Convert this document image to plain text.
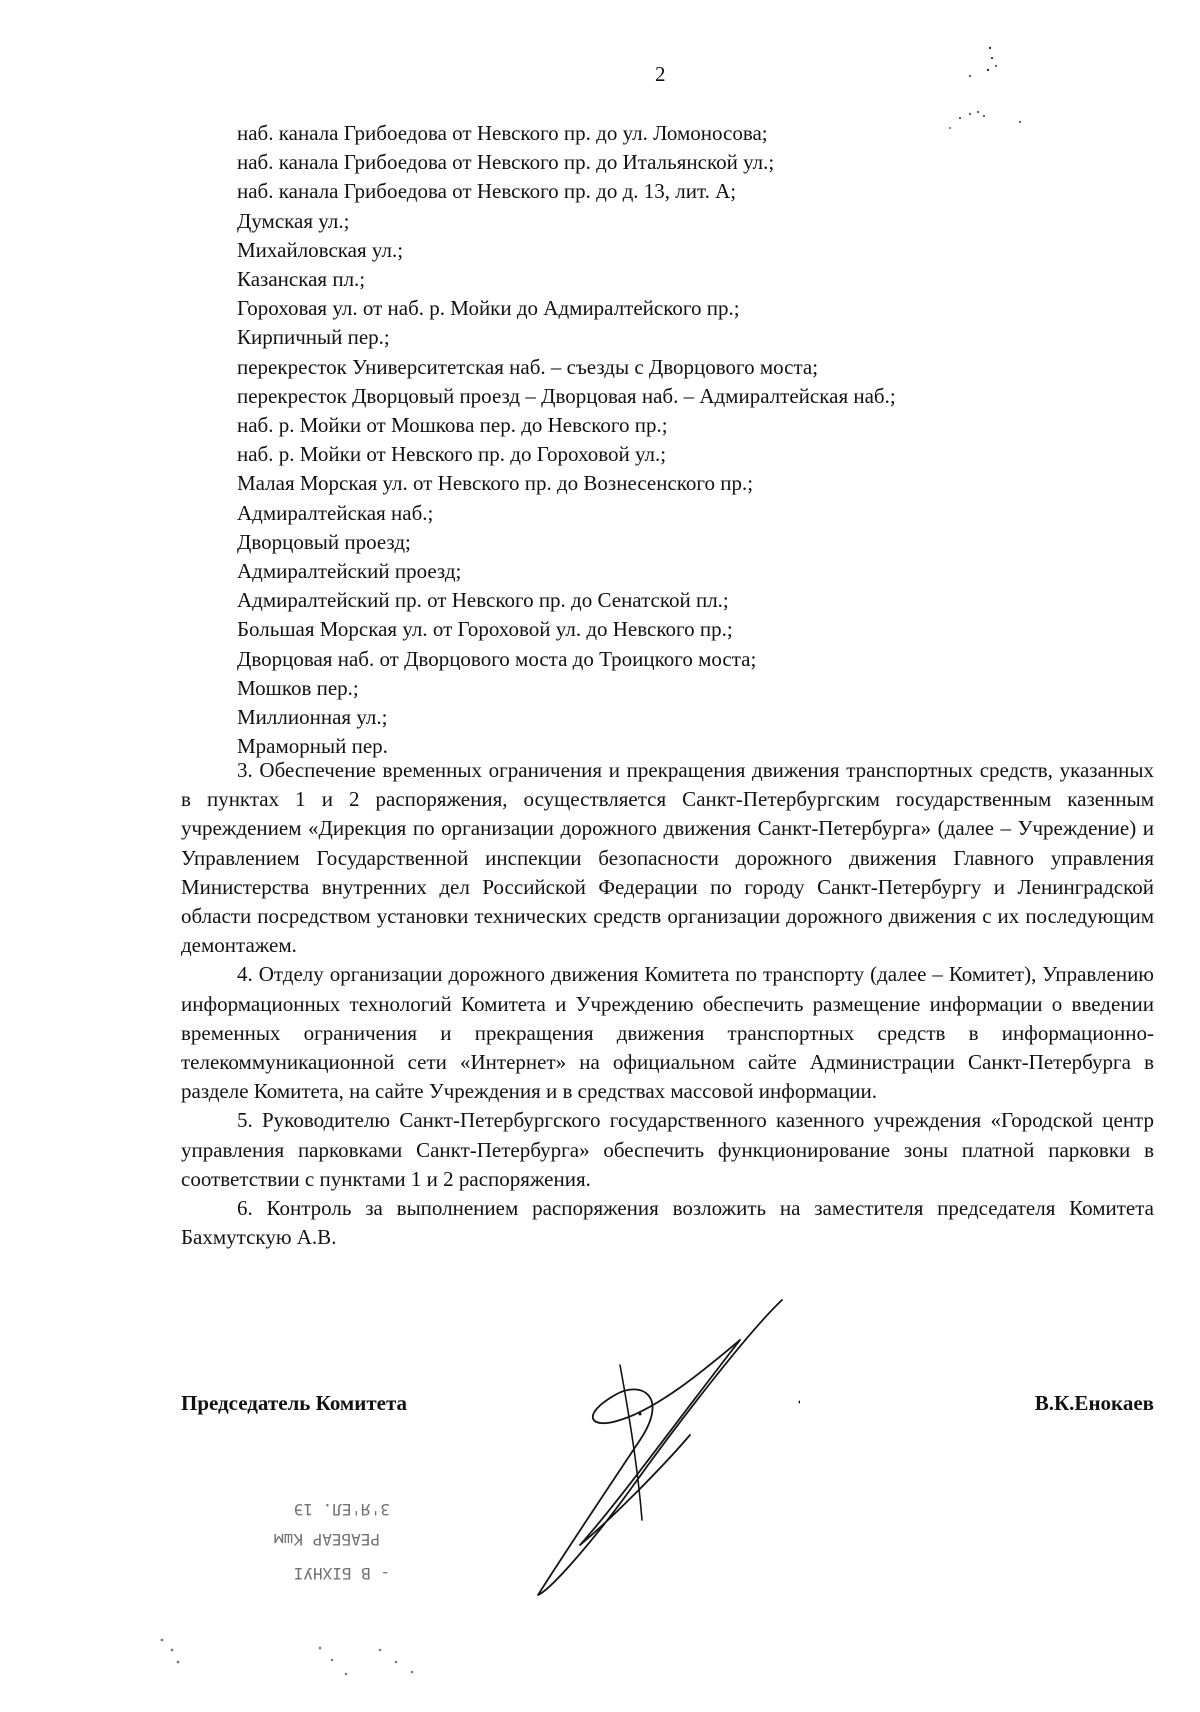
2
наб. канала Грибоедова от Невского пр. до ул. Ломоносова;
наб. канала Грибоедова от Невского пр. до Итальянской ул.;
наб. канала Грибоедова от Невского пр. до д. 13, лит. А;
Думская ул.;
Михайловская ул.;
Казанская пл.;
Гороховая ул. от наб. р. Мойки до Адмиралтейского пр.;
Кирпичный пер.;
перекресток Университетская наб. – съезды с Дворцового моста;
перекресток Дворцовый проезд – Дворцовая наб. – Адмиралтейская наб.;
наб. р. Мойки от Мошкова пер. до Невского пр.;
наб. р. Мойки от Невского пр. до Гороховой ул.;
Малая Морская ул. от Невского пр. до Вознесенского пр.;
Адмиралтейская наб.;
Дворцовый проезд;
Адмиралтейский проезд;
Адмиралтейский пр. от Невского пр. до Сенатской пл.;
Большая Морская ул. от Гороховой ул. до Невского пр.;
Дворцовая наб. от Дворцового моста до Троицкого моста;
Мошков пер.;
Миллионная ул.;
Мраморный пер.

3. Обеспечение временных ограничения и прекращения движения транспортных средств, указанных в пунктах 1 и 2 распоряжения, осуществляется Санкт-Петербургским государственным казенным учреждением «Дирекция по организации дорожного движения Санкт-Петербурга» (далее – Учреждение) и Управлением Государственной инспекции безопасности дорожного движения Главного управления Министерства внутренних дел Российской Федерации по городу Санкт-Петербургу и Ленинградской области посредством установки технических средств организации дорожного движения с их последующим демонтажем.

4. Отделу организации дорожного движения Комитета по транспорту (далее – Комитет), Управлению информационных технологий Комитета и Учреждению обеспечить размещение информации о введении временных ограничения и прекращения движения транспортных средств в информационно-телекоммуникационной сети «Интернет» на официальном сайте Администрации Санкт-Петербурга в разделе Комитета, на сайте Учреждения и в средствах массовой информации.

5. Руководителю Санкт-Петербургского государственного казенного учреждения «Городской центр управления парковками Санкт-Петербурга» обеспечить функционирование зоны платной парковки в соответствии с пунктами 1 и 2 распоряжения.

6. Контроль за выполнением распоряжения возложить на заместителя председателя Комитета Бахмутскую А.В.

Председатель Комитета	В.К.Енокаев
З'Я'ЕЛ. 1Э
РЕАБЕАР Кшм
- В БІХНУІ
